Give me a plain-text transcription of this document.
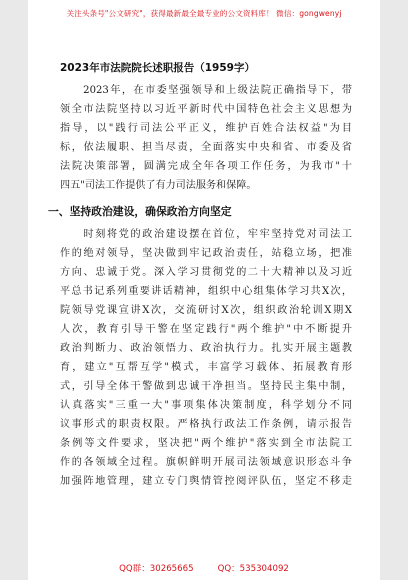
关注头条号"公文研究"，获得最新最全最专业的公文资料库！ 微信：gongwenyj
2023年市法院院长述职报告（1959字）
　　2023年，在市委坚强领导和上级法院正确指导下，带
领全市法院坚持以习近平新时代中国特色社会主义思想为
指导，以"践行司法公平正义，维护百姓合法权益"为目
标，依法履职、担当尽责，全面落实中央和省、市委及省
法院决策部署，圆满完成全年各项工作任务，为我市"十
四五"司法工作提供了有力司法服务和保障。
一、坚持政治建设，确保政治方向坚定
　　时刻将党的政治建设摆在首位，牢牢坚持党对司法工
作的绝对领导，坚决做到牢记政治责任，站稳立场，把准
方向、忠诚于党。深入学习贯彻党的二十大精神以及习近
平总书记系列重要讲话精神，组织中心组集体学习共X次，
院领导党课宣讲X次，交流研讨X次，组织政治轮训X期X
人次，教育引导干警在坚定践行"两个维护"中不断提升
政治判断力、政治领悟力、政治执行力。扎实开展主题教
育，建立"互帮互学"模式，丰富学习载体、拓展教育形
式，引导全体干警做到忠诚干净担当。坚持民主集中制，
认真落实"三重一大"事项集体决策制度，科学划分不同
议事形式的职责权限。严格执行政法工作条例，请示报告
条例等文件要求，坚决把"两个维护"落实到全市法院工
作的各领域全过程。旗帜鲜明开展司法领域意识形态斗争
加强阵地管理，建立专门舆情管控阅评队伍，坚定不移走
QQ群：30265665	QQ：535304092
